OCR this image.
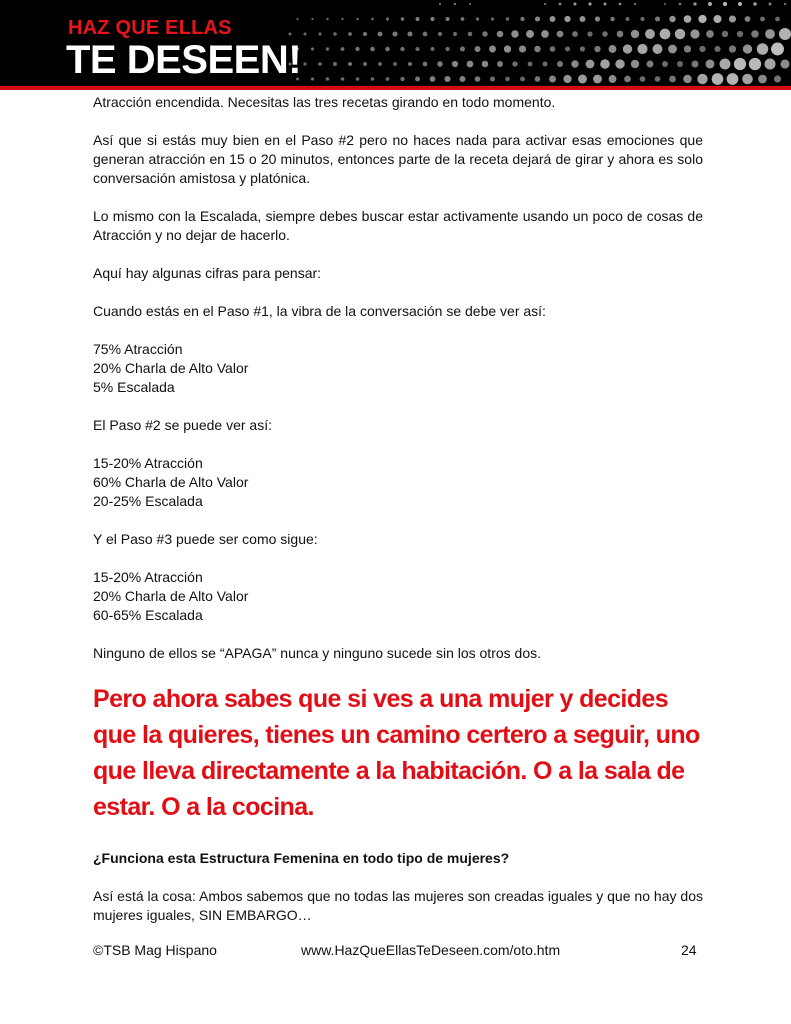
HAZ QUE ELLAS
TE DESEEN!

Atracción encendida. Necesitas las tres recetas girando en todo momento.

Así que si estás muy bien en el Paso #2 pero no haces nada para activar esas emociones que generan atracción en 15 o 20 minutos, entonces parte de la receta dejará de girar y ahora es solo conversación amistosa y platónica.

Lo mismo con la Escalada, siempre debes buscar estar activamente usando un poco de cosas de Atracción y no dejar de hacerlo.

Aquí hay algunas cifras para pensar:

Cuando estás en el Paso #1, la vibra de la conversación se debe ver así:

75% Atracción
20% Charla de Alto Valor
5% Escalada

El Paso #2 se puede ver así:

15-20% Atracción
60% Charla de Alto Valor
20-25% Escalada

Y el Paso #3 puede ser como sigue:

15-20% Atracción
20% Charla de Alto Valor
60-65% Escalada

Ninguno de ellos se “APAGA” nunca y ninguno sucede sin los otros dos.

Pero ahora sabes que si ves a una mujer y decides que la quieres, tienes un camino certero a seguir, uno que lleva directamente a la habitación. O a la sala de estar. O a la cocina.

¿Funciona esta Estructura Femenina en todo tipo de mujeres?

Así está la cosa: Ambos sabemos que no todas las mujeres son creadas iguales y que no hay dos mujeres iguales, SIN EMBARGO…

©TSB Mag Hispano	www.HazQueEllasTeDeseen.com/oto.htm	24
